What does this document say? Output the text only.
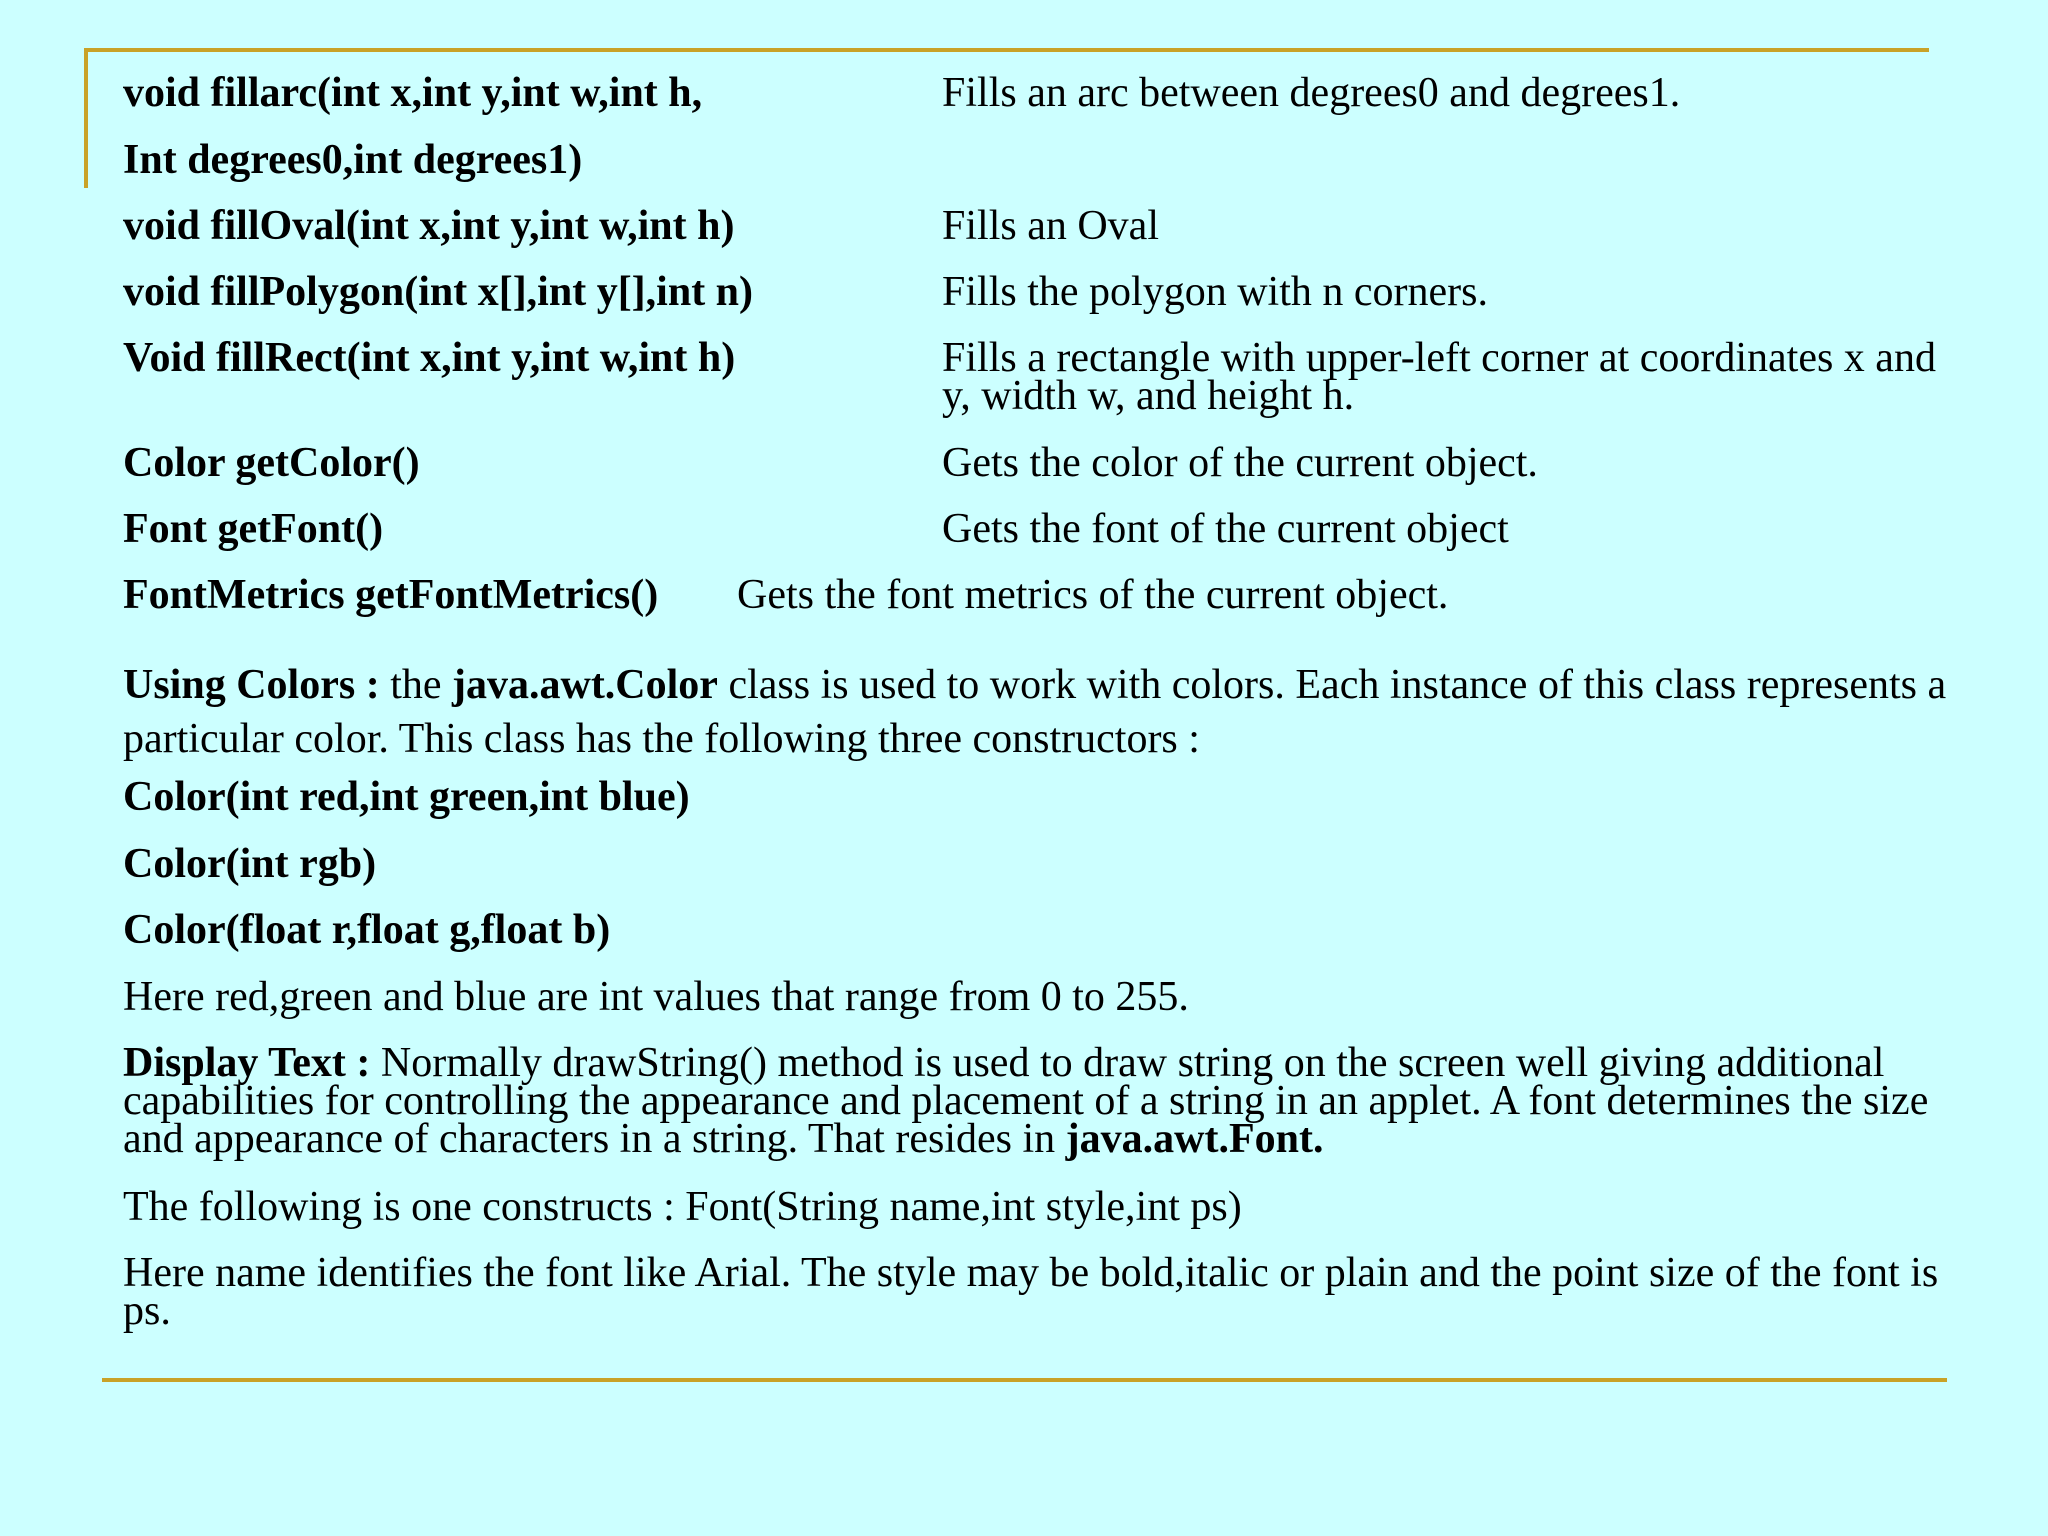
void fillarc(int x,int y,int w,int h,	Fills an arc between degrees0 and degrees1.
Int degrees0,int degrees1)
void fillOval(int x,int y,int w,int h)	Fills an Oval
void fillPolygon(int x[],int y[],int n)	Fills the polygon with n corners.
Void fillRect(int x,int y,int w,int h)	Fills a rectangle with upper-left corner at coordinates x and y, width w, and height h.
Color getColor()	Gets the color of the current object.
Font getFont()	Gets the font of the current object
FontMetrics getFontMetrics() Gets the font metrics of the current object.
Using Colors : the java.awt.Color class is used to work with colors. Each instance of this class represents a particular color. This class has the following three constructors :
Color(int red,int green,int blue)
Color(int rgb)
Color(float r,float g,float b)
Here red,green and blue are int values that range from 0 to 255.
Display Text : Normally drawString() method is used to draw string on the screen well giving additional capabilities for controlling the appearance and placement of a string in an applet. A font determines the size and appearance of characters in a string. That resides in java.awt.Font.
The following is one constructs : Font(String name,int style,int ps)
Here name identifies the font like Arial. The style may be bold,italic or plain and the point size of the font is ps.
